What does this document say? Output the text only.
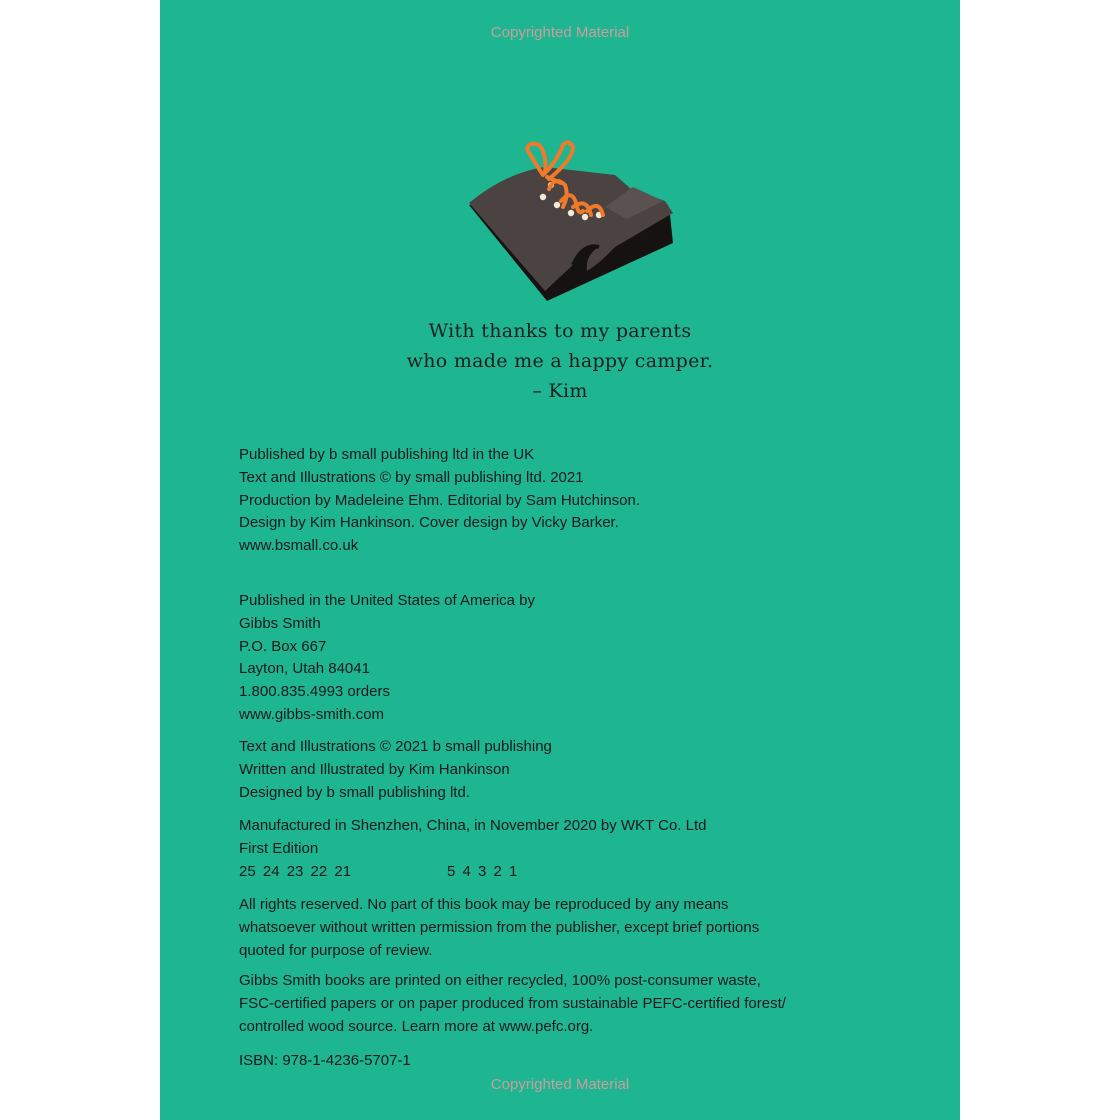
Copyrighted Material
With thanks to my parents
who made me a happy camper.
– Kim
Published by b small publishing ltd in the UK
Text and Illustrations © by small publishing ltd. 2021
Production by Madeleine Ehm. Editorial by Sam Hutchinson.
Design by Kim Hankinson. Cover design by Vicky Barker.
www.bsmall.co.uk
Published in the United States of America by
Gibbs Smith
P.O. Box 667
Layton, Utah 84041
1.800.835.4993 orders
www.gibbs-smith.com
Text and Illustrations © 2021 b small publishing
Written and Illustrated by Kim Hankinson
Designed by b small publishing ltd.
Manufactured in Shenzhen, China, in November 2020 by WKT Co. Ltd
First Edition
25 24 23 22 21	5 4 3 2 1
All rights reserved. No part of this book may be reproduced by any means
whatsoever without written permission from the publisher, except brief portions
quoted for purpose of review.
Gibbs Smith books are printed on either recycled, 100% post-consumer waste,
FSC-certified papers or on paper produced from sustainable PEFC-certified forest/
controlled wood source. Learn more at www.pefc.org.
ISBN: 978-1-4236-5707-1
Copyrighted Material
